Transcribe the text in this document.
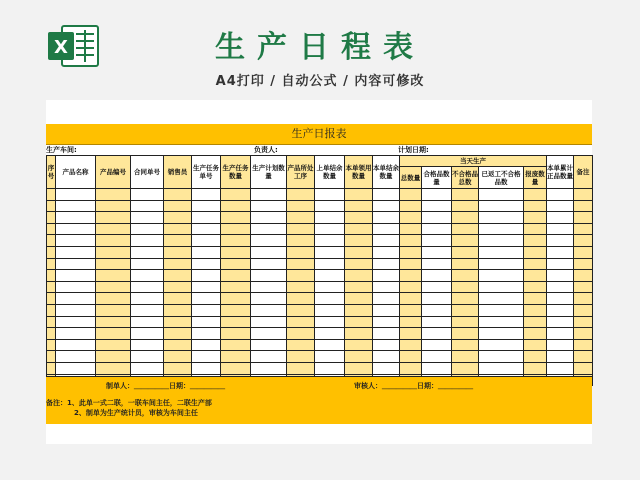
X	生产日程表
A4打印 / 自动公式 / 内容可修改
生产日报表
生产车间:	负责人:	计划日期:
序号	产品名称	产品编号	合同单号	销售员	生产任务单号	生产任务数量	生产计划数量	产品所处工序	上单结余数量	本单领用数量	本单结余数量	当天生产					本单累计正品数量	备注
												总数量	合格品数量	不合格品总数	已返工不合格品数	报废数量		

制单人：＿＿＿＿＿日期：＿＿＿＿＿	审核人：＿＿＿＿＿日期：＿＿＿＿＿
备注：1、此单一式二联，一联车间主任，二联生产部
2、制单为生产统计员，审核为车间主任
